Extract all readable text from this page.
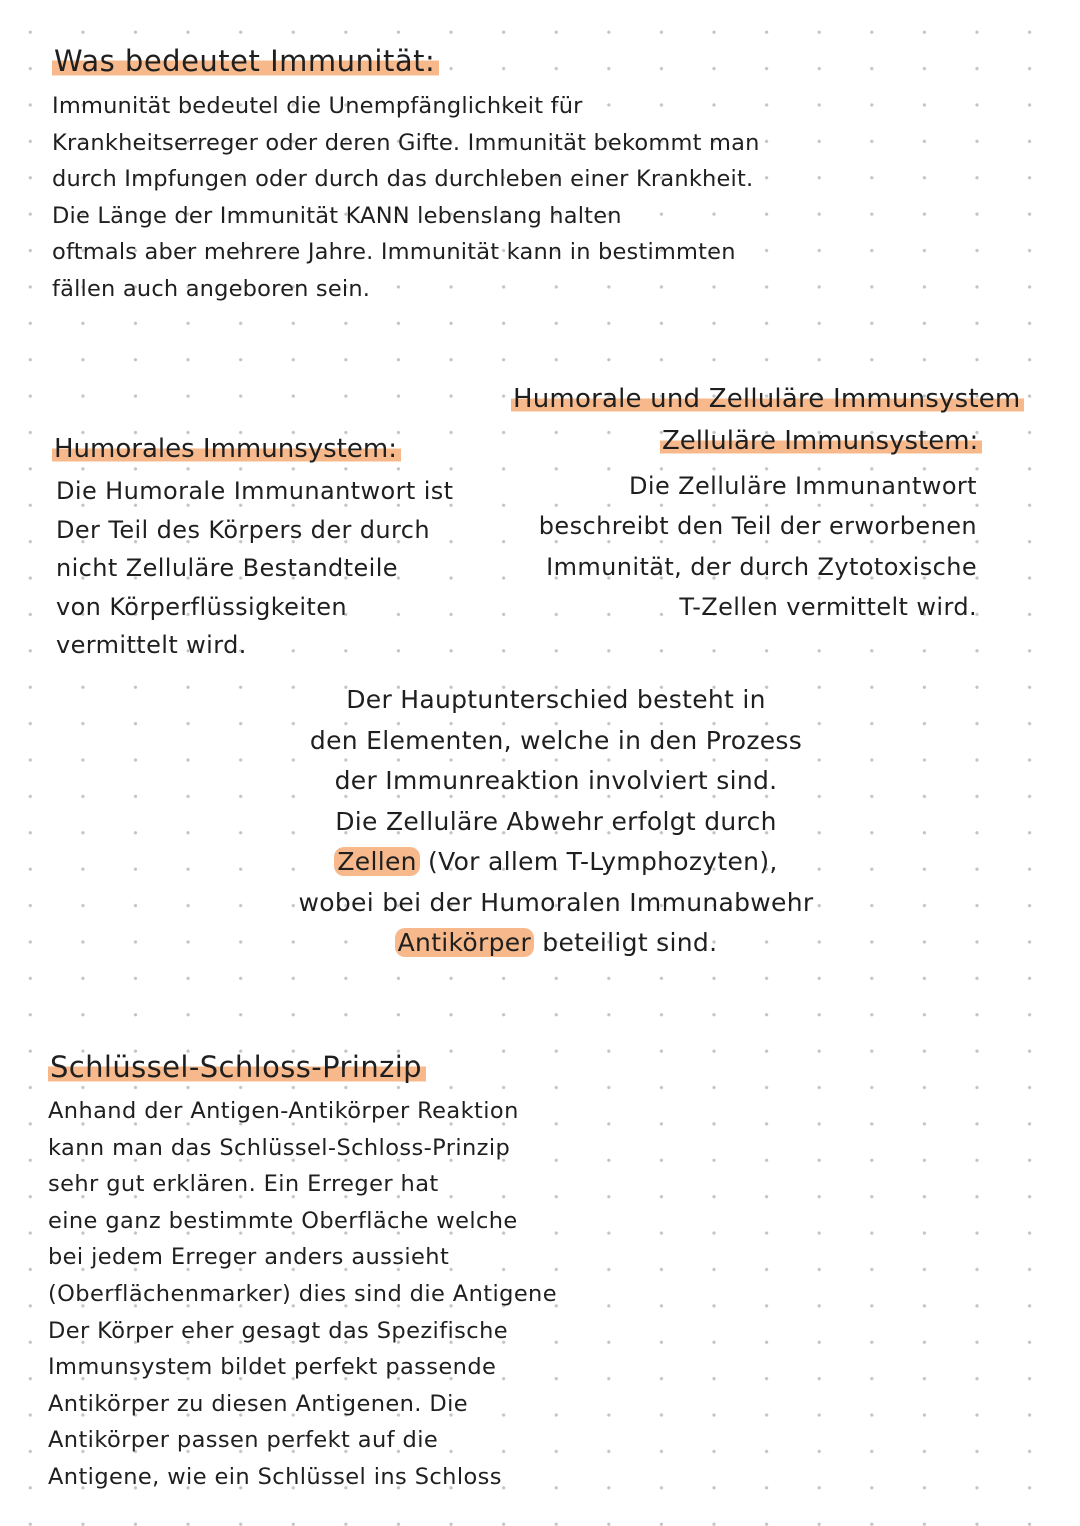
Was bedeutet Immunität:
Immunität bedeutel die Unempfänglichkeit für
Krankheitserreger oder deren Gifte. Immunität bekommt man
durch Impfungen oder durch das durchleben einer Krankheit.
Die Länge der Immunität KANN lebenslang halten
oftmals aber mehrere Jahre. Immunität kann in bestimmten
fällen auch angeboren sein.
Humorale und Zelluläre Immunsystem
Zelluläre Immunsystem:
Die Zelluläre Immunantwort
beschreibt den Teil der erworbenen
Immunität, der durch Zytotoxische
T-Zellen vermittelt wird.
Humorales Immunsystem:
Die Humorale Immunantwort ist
Der Teil des Körpers der durch
nicht Zelluläre Bestandteile
von Körperflüssigkeiten
vermittelt wird.
Der Hauptunterschied besteht in
den Elementen, welche in den Prozess
der Immunreaktion involviert sind.
Die Zelluläre Abwehr erfolgt durch
Zellen (Vor allem T-Lymphozyten),
wobei bei der Humoralen Immunabwehr
Antikörper beteiligt sind.
Schlüssel-Schloss-Prinzip
Anhand der Antigen-Antikörper Reaktion
kann man das Schlüssel-Schloss-Prinzip
sehr gut erklären. Ein Erreger hat
eine ganz bestimmte Oberfläche welche
bei jedem Erreger anders aussieht
(Oberflächenmarker) dies sind die Antigene
Der Körper eher gesagt das Spezifische
Immunsystem bildet perfekt passende
Antikörper zu diesen Antigenen. Die
Antikörper passen perfekt auf die
Antigene, wie ein Schlüssel ins Schloss
